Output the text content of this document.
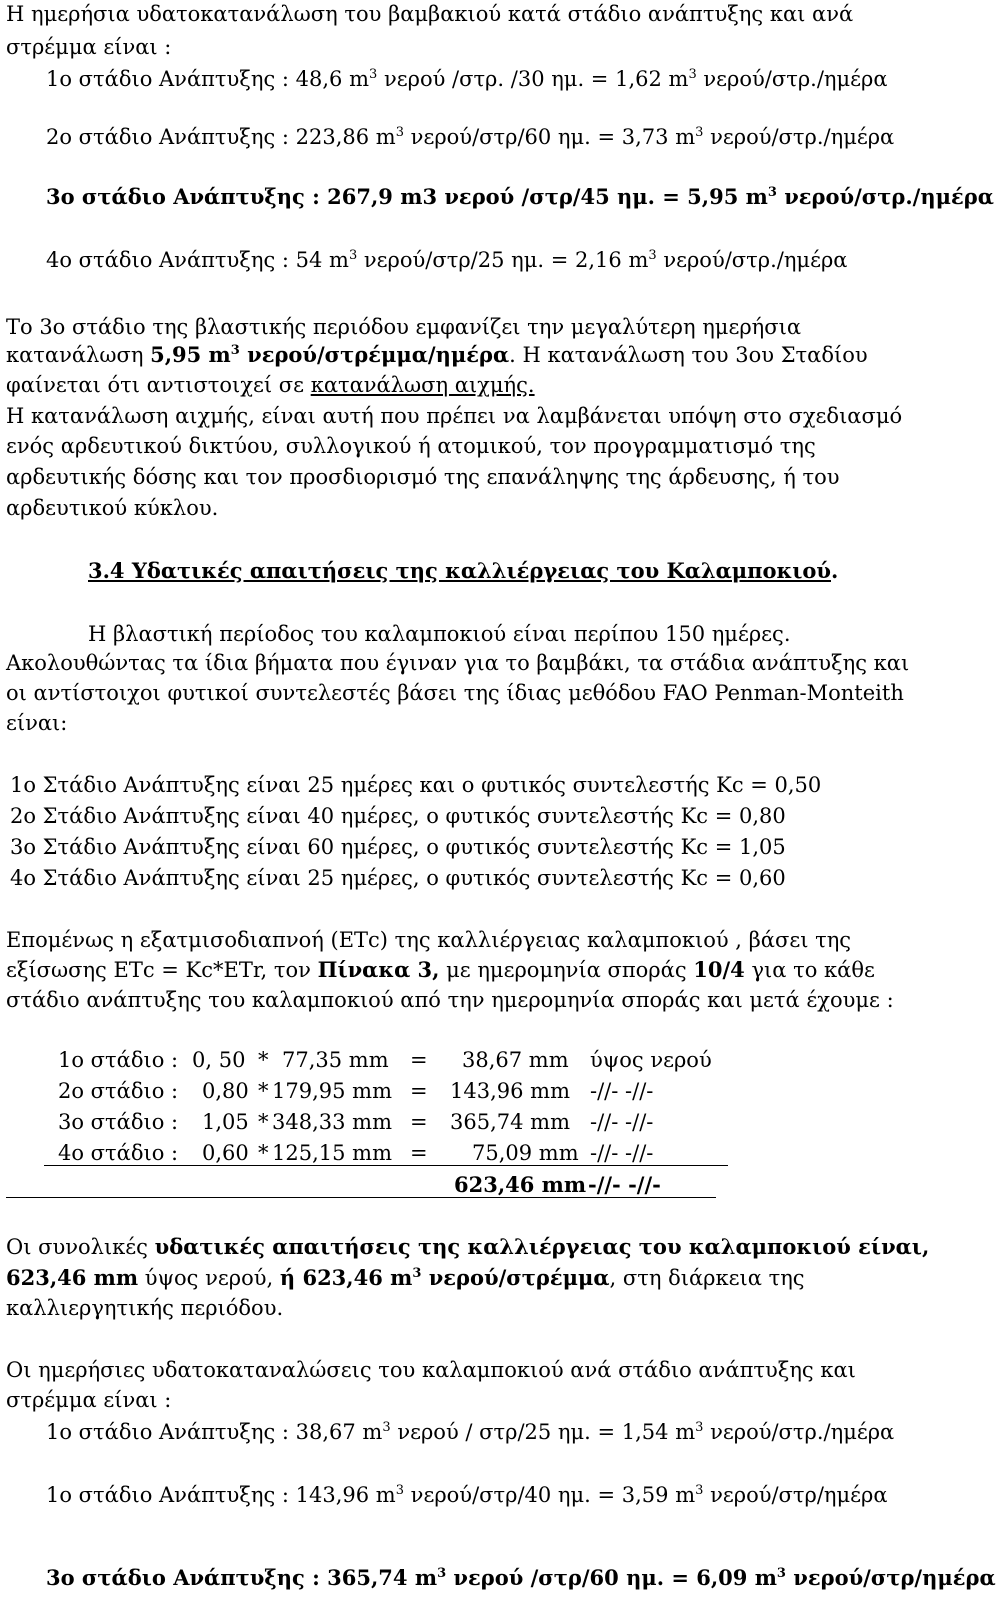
Η ημερήσια υδατοκατανάλωση του βαμβακιού κατά στάδιο ανάπτυξης και ανά
στρέμμα είναι :
1ο στάδιο Ανάπτυξης : 48,6 $m^3$ νερού /στρ. /30 ημ. = 1,62 $m^3$ νερού/στρ./ημέρα
2ο στάδιο Ανάπτυξης : 223,86 $m^3$ νερού/στρ/60 ημ. = 3,73 $m^3$ νερού/στρ./ημέρα
3ο στάδιο Ανάπτυξης : 267,9 m3 νερού /στρ/45 ημ. = 5,95 $m^3$ νερού/στρ./ημέρα
4ο στάδιο Ανάπτυξης : 54 $m^3$ νερού/στρ/25 ημ. = 2,16 $m^3$ νερού/στρ./ημέρα
Το 3ο στάδιο της βλαστικής περιόδου εμφανίζει την μεγαλύτερη ημερήσια
κατανάλωση 5,95 $m^3$ νερού/στρέμμα/ημέρα. Η κατανάλωση του 3ου Σταδίου
φαίνεται ότι αντιστοιχεί σε κατανάλωση αιχμής.
Η κατανάλωση αιχμής, είναι αυτή που πρέπει να λαμβάνεται υπόψη στο σχεδιασμό
ενός αρδευτικού δικτύου, συλλογικού ή ατομικού, τον προγραμματισμό της
αρδευτικής δόσης και τον προσδιορισμό της επανάληψης της άρδευσης, ή του
αρδευτικού κύκλου.
3.4 Υδατικές απαιτήσεις της καλλιέργειας του Καλαμποκιού.
Η βλαστική περίοδος του καλαμποκιού είναι περίπου 150 ημέρες.
Ακολουθώντας τα ίδια βήματα που έγιναν για το βαμβάκι, τα στάδια ανάπτυξης και
οι αντίστοιχοι φυτικοί συντελεστές βάσει της ίδιας μεθόδου FAO Penman-Monteith
είναι:
1ο Στάδιο Ανάπτυξης είναι 25 ημέρες και ο φυτικός συντελεστής Kc = 0,50
2ο Στάδιο Ανάπτυξης είναι 40 ημέρες, ο φυτικός συντελεστής Kc = 0,80
3ο Στάδιο Ανάπτυξης είναι 60 ημέρες, ο φυτικός συντελεστής Kc = 1,05
4ο Στάδιο Ανάπτυξης είναι 25 ημέρες, ο φυτικός συντελεστής Kc = 0,60
Επομένως η εξατμισοδιαπνοή (ΕΤc) της καλλιέργειας καλαμποκιού , βάσει της
εξίσωσης ΕΤc = Kc*ETr, τον Πίνακα 3, με ημερομηνία σποράς 10/4 για το κάθε
στάδιο ανάπτυξης του καλαμποκιού από την ημερομηνία σποράς και μετά έχουμε :
1ο στάδιο : 0, 50 * 77,35 mm = 38,67 mm ύψος νερού
2ο στάδιο : 0,80 * 179,95 mm = 143,96 mm -//- -//-
3ο στάδιο : 1,05 * 348,33 mm = 365,74 mm -//- -//-
4ο στάδιο : 0,60 * 125,15 mm = 75,09 mm -//- -//-
623,46 mm -//- -//-
Οι συνολικές υδατικές απαιτήσεις της καλλιέργειας του καλαμποκιού είναι,
623,46 mm ύψος νερού, ή 623,46 $m^3$ νερού/στρέμμα, στη διάρκεια της
καλλιεργητικής περιόδου.
Οι ημερήσιες υδατοκαταναλώσεις του καλαμποκιού ανά στάδιο ανάπτυξης και
στρέμμα είναι :
1ο στάδιο Ανάπτυξης : 38,67 $m^3$ νερού / στρ/25 ημ. = 1,54 $m^3$ νερού/στρ./ημέρα
1ο στάδιο Ανάπτυξης : 143,96 $m^3$ νερού/στρ/40 ημ. = 3,59 $m^3$ νερού/στρ/ημέρα
3ο στάδιο Ανάπτυξης : 365,74 $m^3$ νερού /στρ/60 ημ. = 6,09 $m^3$ νερού/στρ/ημέρα
